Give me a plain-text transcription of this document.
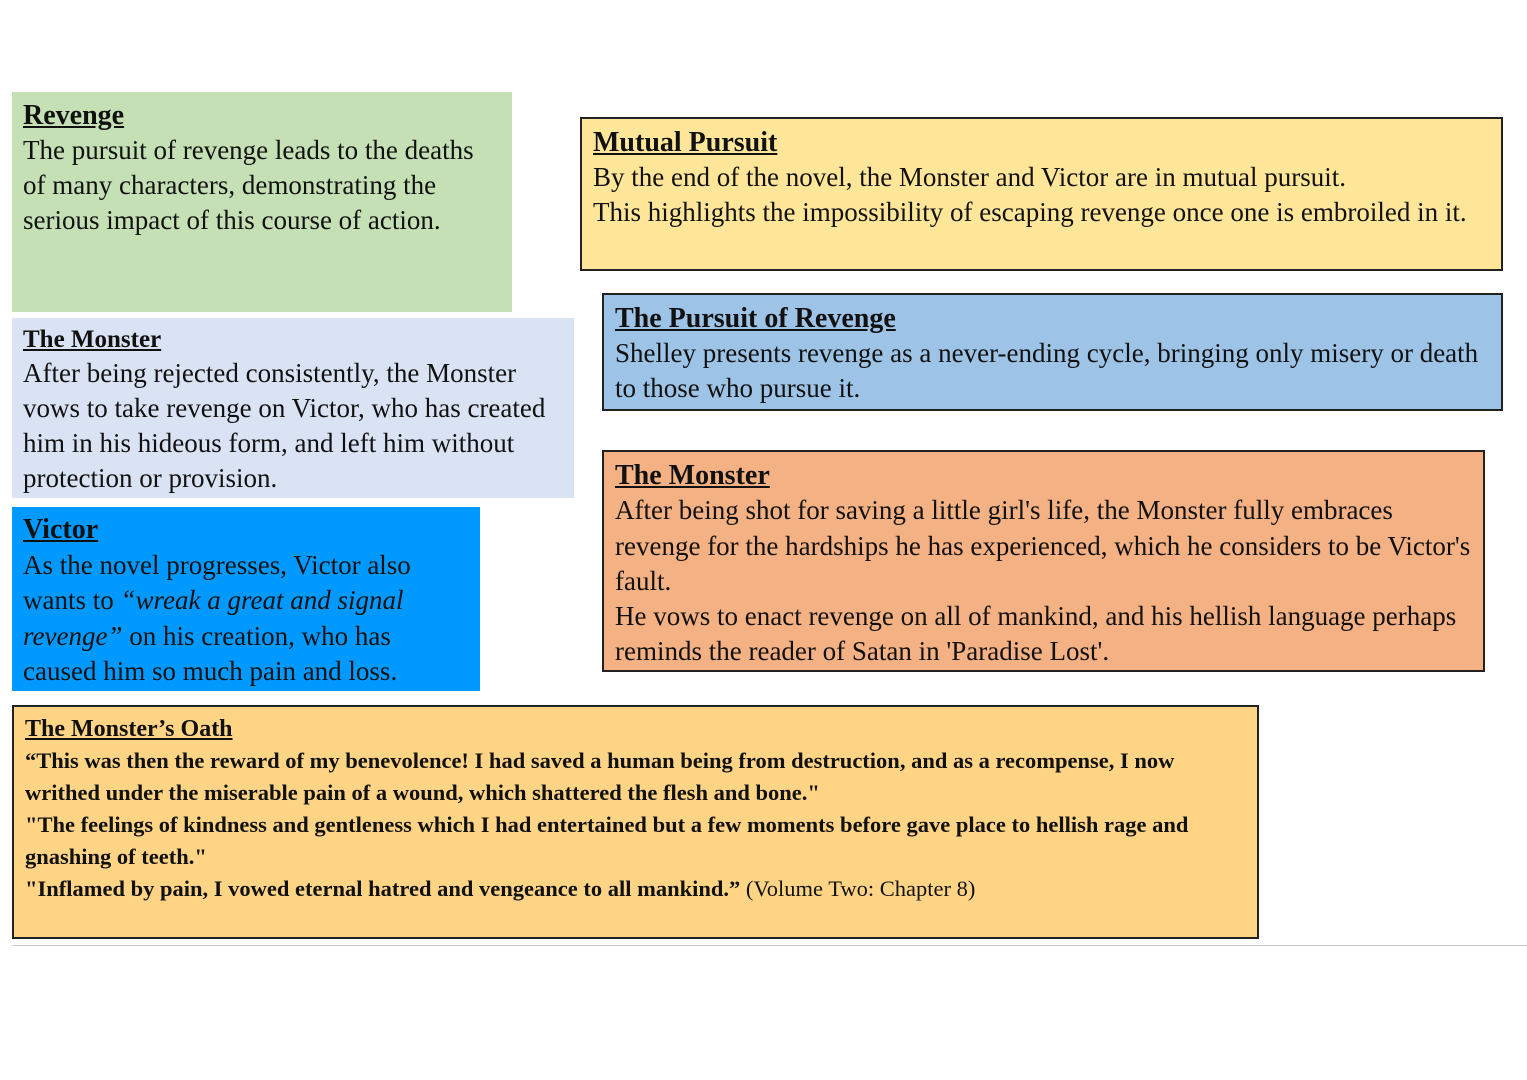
Revenge
The pursuit of revenge leads to the deaths of many characters, demonstrating the serious impact of this course of action.
The Monster
After being rejected consistently, the Monster vows to take revenge on Victor, who has created him in his hideous form, and left him without protection or provision.
Victor
As the novel progresses, Victor also wants to “wreak a great and signal revenge” on his creation, who has caused him so much pain and loss.
Mutual Pursuit
By the end of the novel, the Monster and Victor are in mutual pursuit.
This highlights the impossibility of escaping revenge once one is embroiled in it.
The Pursuit of Revenge
Shelley presents revenge as a never-ending cycle, bringing only misery or death to those who pursue it.
The Monster
After being shot for saving a little girl's life, the Monster fully embraces revenge for the hardships he has experienced, which he considers to be Victor's fault.
He vows to enact revenge on all of mankind, and his hellish language perhaps reminds the reader of Satan in 'Paradise Lost'.
The Monster’s Oath
“This was then the reward of my benevolence! I had saved a human being from destruction, and as a recompense, I now writhed under the miserable pain of a wound, which shattered the flesh and bone."
"The feelings of kindness and gentleness which I had entertained but a few moments before gave place to hellish rage and gnashing of teeth."
"Inflamed by pain, I vowed eternal hatred and vengeance to all mankind.” (Volume Two: Chapter 8)
